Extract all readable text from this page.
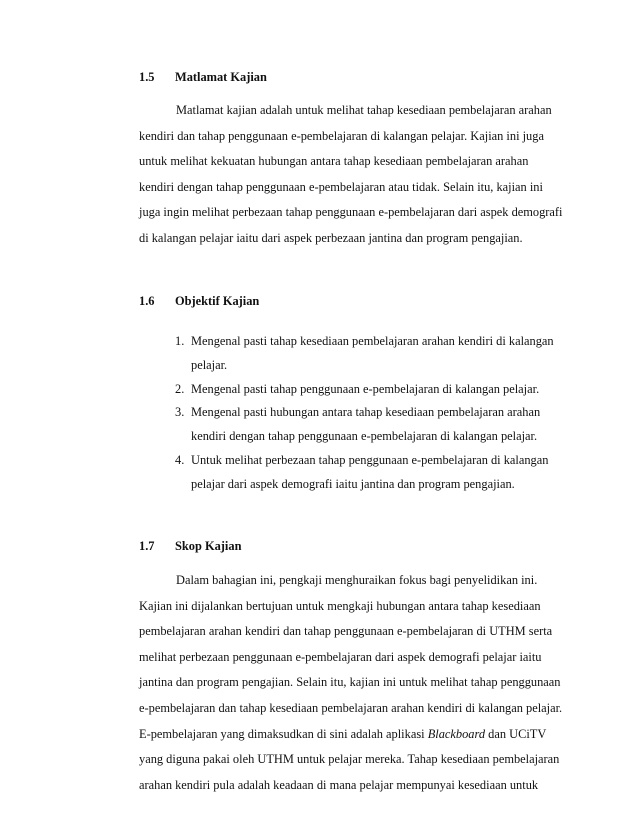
1.5	Matlamat Kajian
Matlamat kajian adalah untuk melihat tahap kesediaan pembelajaran arahan
kendiri dan tahap penggunaan e-pembelajaran di kalangan pelajar. Kajian ini juga
untuk melihat kekuatan hubungan antara tahap kesediaan pembelajaran arahan
kendiri dengan tahap penggunaan e-pembelajaran atau tidak. Selain itu, kajian ini
juga ingin melihat perbezaan tahap penggunaan e-pembelajaran dari aspek demografi
di kalangan pelajar iaitu dari aspek perbezaan jantina dan program pengajian.
1.6	Objektif Kajian
1. Mengenal pasti tahap kesediaan pembelajaran arahan kendiri di kalangan
pelajar.
2. Mengenal pasti tahap penggunaan e-pembelajaran di kalangan pelajar.
3. Mengenal pasti hubungan antara tahap kesediaan pembelajaran arahan
kendiri dengan tahap penggunaan e-pembelajaran di kalangan pelajar.
4. Untuk melihat perbezaan tahap penggunaan e-pembelajaran di kalangan
pelajar dari aspek demografi iaitu jantina dan program pengajian.
1.7	Skop Kajian
Dalam bahagian ini, pengkaji menghuraikan fokus bagi penyelidikan ini.
Kajian ini dijalankan bertujuan untuk mengkaji hubungan antara tahap kesediaan
pembelajaran arahan kendiri dan tahap penggunaan e-pembelajaran di UTHM serta
melihat perbezaan penggunaan e-pembelajaran dari aspek demografi pelajar iaitu
jantina dan program pengajian. Selain itu, kajian ini untuk melihat tahap penggunaan
e-pembelajaran dan tahap kesediaan pembelajaran arahan kendiri di kalangan pelajar.
E-pembelajaran yang dimaksudkan di sini adalah aplikasi Blackboard dan UCiTV
yang diguna pakai oleh UTHM untuk pelajar mereka. Tahap kesediaan pembelajaran
arahan kendiri pula adalah keadaan di mana pelajar mempunyai kesediaan untuk
